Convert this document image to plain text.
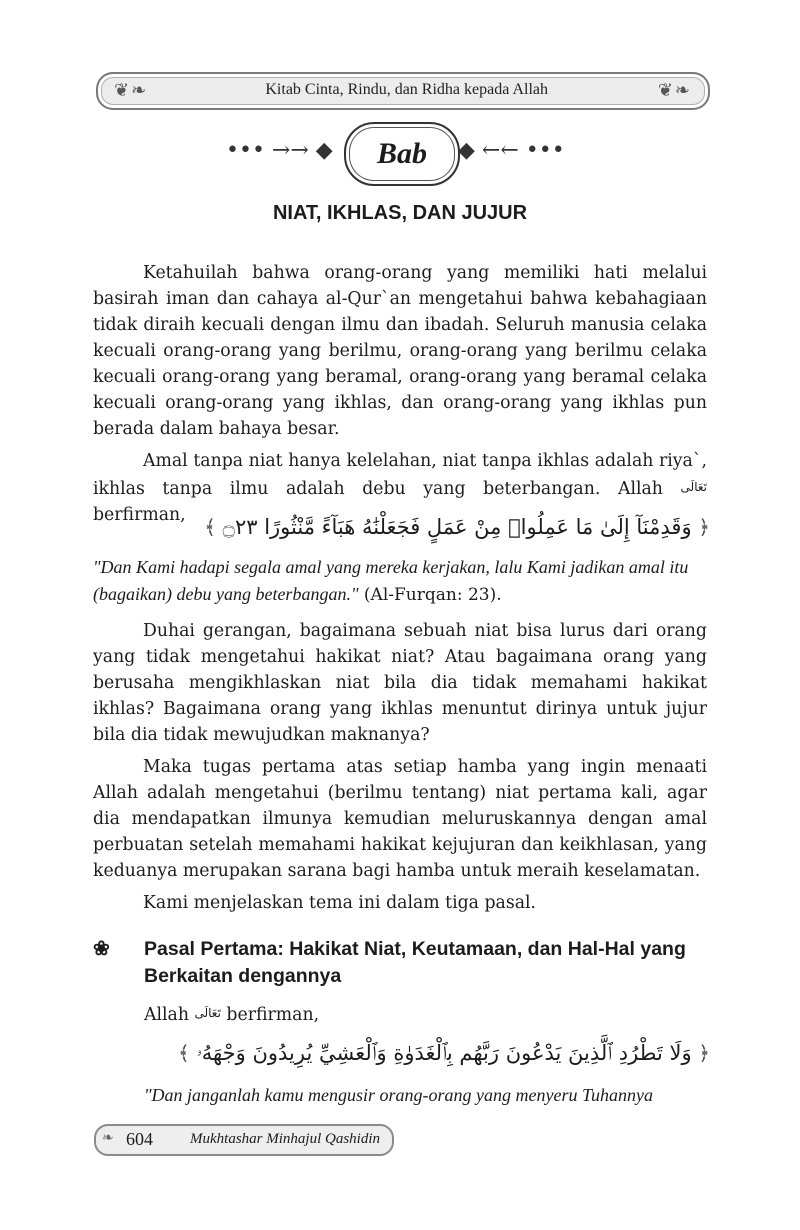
❦❧	Kitab Cinta, Rindu, dan Ridha kepada Allah	❦❧
••• →→ ◆	Bab	◆ ←← •••
NIAT, IKHLAS, DAN JUJUR

Ketahuilah bahwa orang-orang yang memiliki hati melalui basirah iman dan cahaya al-Qur`an mengetahui bahwa kebahagiaan tidak diraih kecuali dengan ilmu dan ibadah. Seluruh manusia celaka kecuali orang-orang yang berilmu, orang-orang yang berilmu celaka kecuali orang-orang yang beramal, orang-orang yang beramal celaka kecuali orang-orang yang ikhlas, dan orang-orang yang ikhlas pun berada dalam bahaya besar.

Amal tanpa niat hanya kelelahan, niat tanpa ikhlas adalah riya`, ikhlas tanpa ilmu adalah debu yang beterbangan. Allah تَعَالَى berfirman,	﴿ وَقَدِمْنَآ إِلَىٰ مَا عَمِلُوا۟ مِنْ عَمَلٍ فَجَعَلْنَٰهُ هَبَآءً مَّنْثُورًا ۝٢٣ ﴾

"Dan Kami hadapi segala amal yang mereka kerjakan, lalu Kami jadikan amal itu (bagaikan) debu yang beterbangan." (Al-Furqan: 23).

Duhai gerangan, bagaimana sebuah niat bisa lurus dari orang yang tidak mengetahui hakikat niat? Atau bagaimana orang yang berusaha mengikhlaskan niat bila dia tidak memahami hakikat ikhlas? Bagaimana orang yang ikhlas menuntut dirinya untuk jujur bila dia tidak mewujudkan maknanya?

Maka tugas pertama atas setiap hamba yang ingin menaati Allah adalah mengetahui (berilmu tentang) niat pertama kali, agar dia mendapatkan ilmunya kemudian meluruskannya dengan amal perbuatan setelah memahami hakikat kejujuran dan keikhlasan, yang keduanya merupakan sarana bagi hamba untuk meraih keselamatan.

Kami menjelaskan tema ini dalam tiga pasal.

❀ Pasal Pertama: Hakikat Niat, Keutamaan, dan Hal-Hal yang Berkaitan dengannya

Allah تَعَالَى berfirman,

﴿ وَلَا تَطْرُدِ ٱلَّذِينَ يَدْعُونَ رَبَّهُم بِٱلْغَدَوٰةِ وَٱلْعَشِيِّ يُرِيدُونَ وَجْهَهُۥ ﴾

"Dan janganlah kamu mengusir orang-orang yang menyeru Tuhannya

❧ 604 Mukhtashar Minhajul Qashidin
